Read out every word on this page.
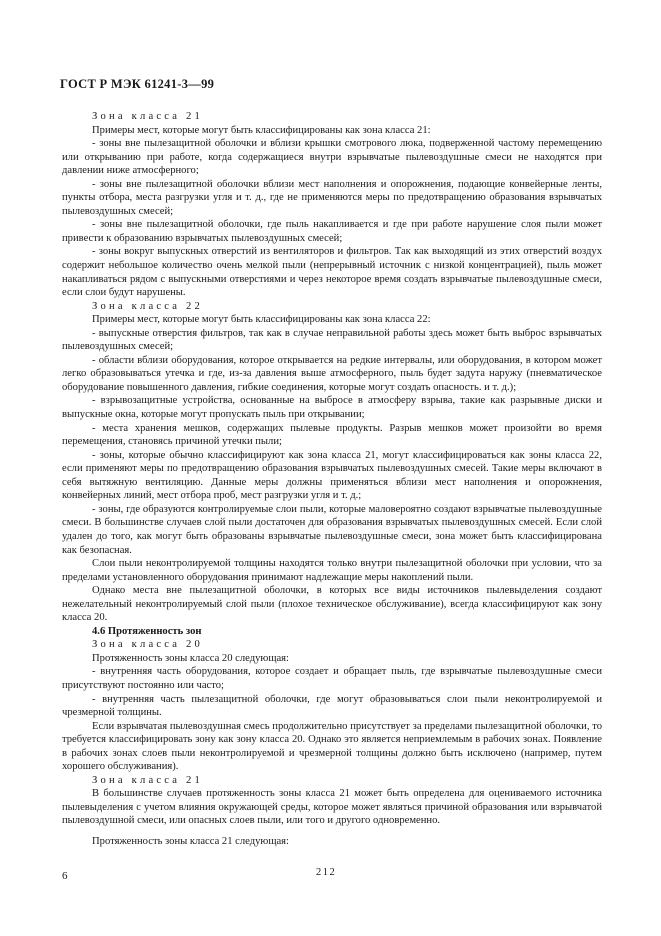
ГОСТ Р МЭК 61241-3—99

Зона класса 21

Примеры мест, которые могут быть классифицированы как зона класса 21:

- зоны вне пылезащитной оболочки и вблизи крышки смотрового люка, подверженной частому перемещению или открыванию при работе, когда содержащиеся внутри взрывчатые пылевоздушные смеси не находятся при давлении ниже атмосферного;

- зоны вне пылезащитной оболочки вблизи мест наполнения и опорожнения, подающие конвейерные ленты, пункты отбора, места разгрузки угля и т. д., где не применяются меры по предотвращению образования взрывчатых пылевоздушных смесей;

- зоны вне пылезащитной оболочки, где пыль накапливается и где при работе нарушение слоя пыли может привести к образованию взрывчатых пылевоздушных смесей;

- зоны вокруг выпускных отверстий из вентиляторов и фильтров. Так как выходящий из этих отверстий воздух содержит небольшое количество очень мелкой пыли (непрерывный источник с низкой концентрацией), пыль может накапливаться рядом с выпускными отверстиями и через некоторое время создать взрывчатые пылевоздушные смеси, если слои будут нарушены.

Зона класса 22

Примеры мест, которые могут быть классифицированы как зона класса 22:

- выпускные отверстия фильтров, так как в случае неправильной работы здесь может быть выброс взрывчатых пылевоздушных смесей;

- области вблизи оборудования, которое открывается на редкие интервалы, или оборудования, в котором может легко образовываться утечка и где, из-за давления выше атмосферного, пыль будет задута наружу (пневматическое оборудование повышенного давления, гибкие соединения, которые могут создать опасность. и т. д.);

- взрывозащитные устройства, основанные на выбросе в атмосферу взрыва, такие как разрывные диски и выпускные окна, которые могут пропускать пыль при открывании;

- места хранения мешков, содержащих пылевые продукты. Разрыв мешков может произойти во время перемещения, становясь причиной утечки пыли;

- зоны, которые обычно классифицируют как зона класса 21, могут классифицироваться как зоны класса 22, если применяют меры по предотвращению образования взрывчатых пылевоздушных смесей. Такие меры включают в себя вытяжную вентиляцию. Данные меры должны применяться вблизи мест наполнения и опорожнения, конвейерных линий, мест отбора проб, мест разгрузки угля и т. д.;

- зоны, где образуются контролируемые слои пыли, которые маловероятно создают взрывчатые пылевоздушные смеси. В большинстве случаев слой пыли достаточен для образования взрывчатых пылевоздушных смесей. Если слой удален до того, как могут быть образованы взрывчатые пылевоздушные смеси, зона может быть классифицирована как безопасная.

Слои пыли неконтролируемой толщины находятся только внутри пылезащитной оболочки при условии, что за пределами установленного оборудования принимают надлежащие меры накоплений пыли.

Однако места вне пылезащитной оболочки, в которых все виды источников пылевыделения создают нежелательный неконтролируемый слой пыли (плохое техническое обслуживание), всегда классифицируют как зону класса 20.

4.6 Протяженность зон

Зона класса 20

Протяженность зоны класса 20 следующая:

- внутренняя часть оборудования, которое создает и обращает пыль, где взрывчатые пылевоздушные смеси присутствуют постоянно или часто;

- внутренняя часть пылезащитной оболочки, где могут образовываться слои пыли неконтролируемой и чрезмерной толщины.

Если взрывчатая пылевоздушная смесь продолжительно присутствует за пределами пылезащитной оболочки, то требуется классифицировать зону как зону класса 20. Однако это является неприемлемым в рабочих зонах. Появление в рабочих зонах слоев пыли неконтролируемой и чрезмерной толщины должно быть исключено (например, путем хорошего обслуживания).

Зона класса 21

В большинстве случаев протяженность зоны класса 21 может быть определена для оцениваемого источника пылевыделения с учетом влияния окружающей среды, которое может являться причиной образования или взрывчатой пылевоздушной смеси, или опасных слоев пыли, или того и другого одновременно.

Протяженность зоны класса 21 следующая:

6	212
